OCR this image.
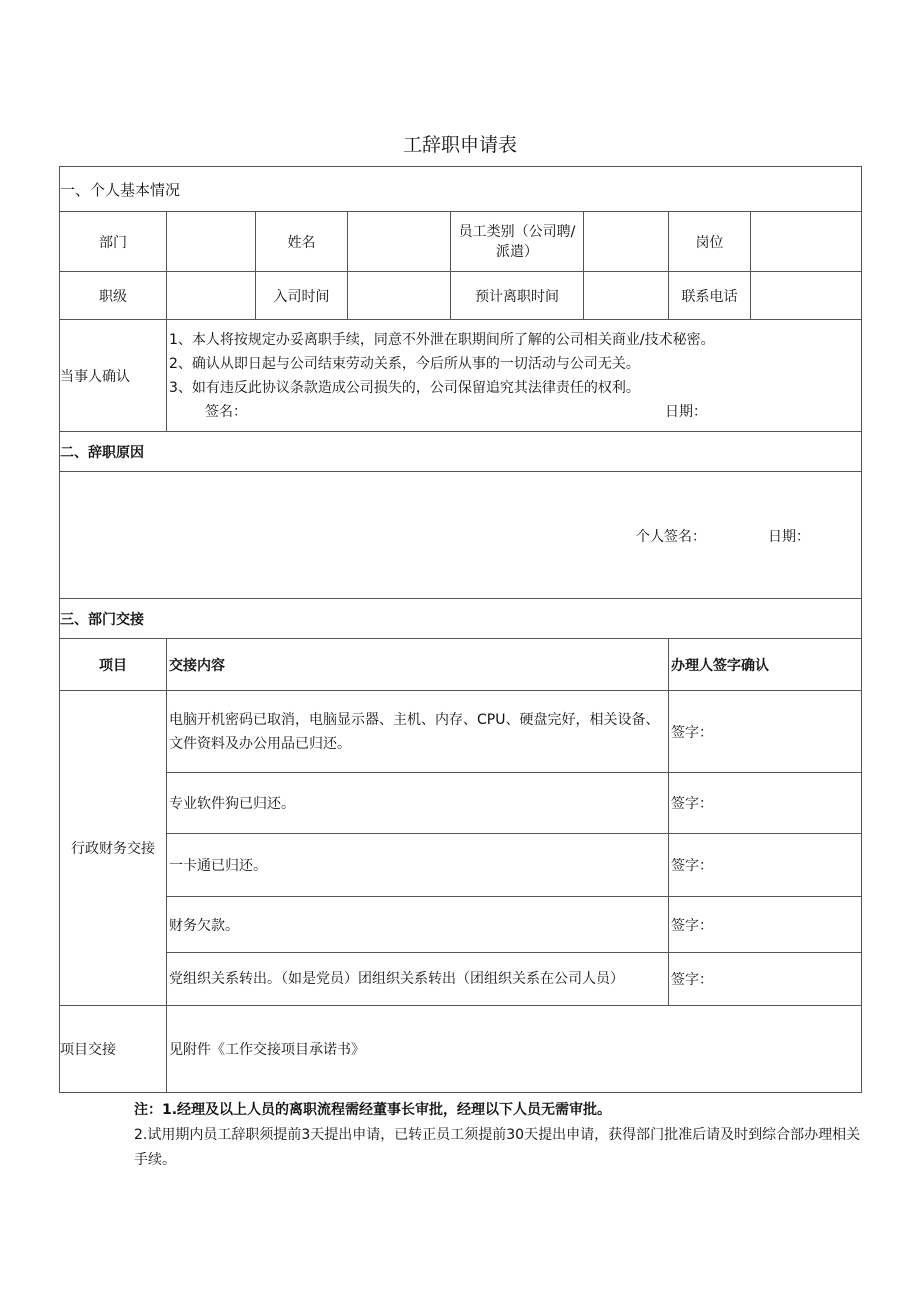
工辞职申请表
一、个人基本情况							
部门		姓名		员工类别（公司聘/派遣）		岗位	
职级		入司时间		预计离职时间		联系电话	
当事人确认	1、本人将按规定办妥离职手续，同意不外泄在职期间所了解的公司相关商业/技术秘密。
2、确认从即日起与公司结束劳动关系，今后所从事的一切活动与公司无关。
3、如有违反此协议条款造成公司损失的，公司保留追究其法律责任的权利。
签名： 日期：						

二、辞职原因							

个人签名： 日期：							

三、部门交接							
项目	交接内容					办理人签字确认	
行政财务交接	电脑开机密码已取消，电脑显示器、主机、内存、CPU、硬盘完好，相关设备、文件资料及办公用品已归还。					签字：	
	专业软件狗已归还。					签字：	
	一卡通已归还。					签字：	
	财务欠款。					签字：	
	党组织关系转出。（如是党员）团组织关系转出（团组织关系在公司人员）					签字：	
项目交接	见附件《工作交接项目承诺书》						
注：1.经理及以上人员的离职流程需经董事长审批，经理以下人员无需审批。
2.试用期内员工辞职须提前3天提出申请，已转正员工须提前30天提出申请，获得部门批准后请及时到综合部办理相关手续。
